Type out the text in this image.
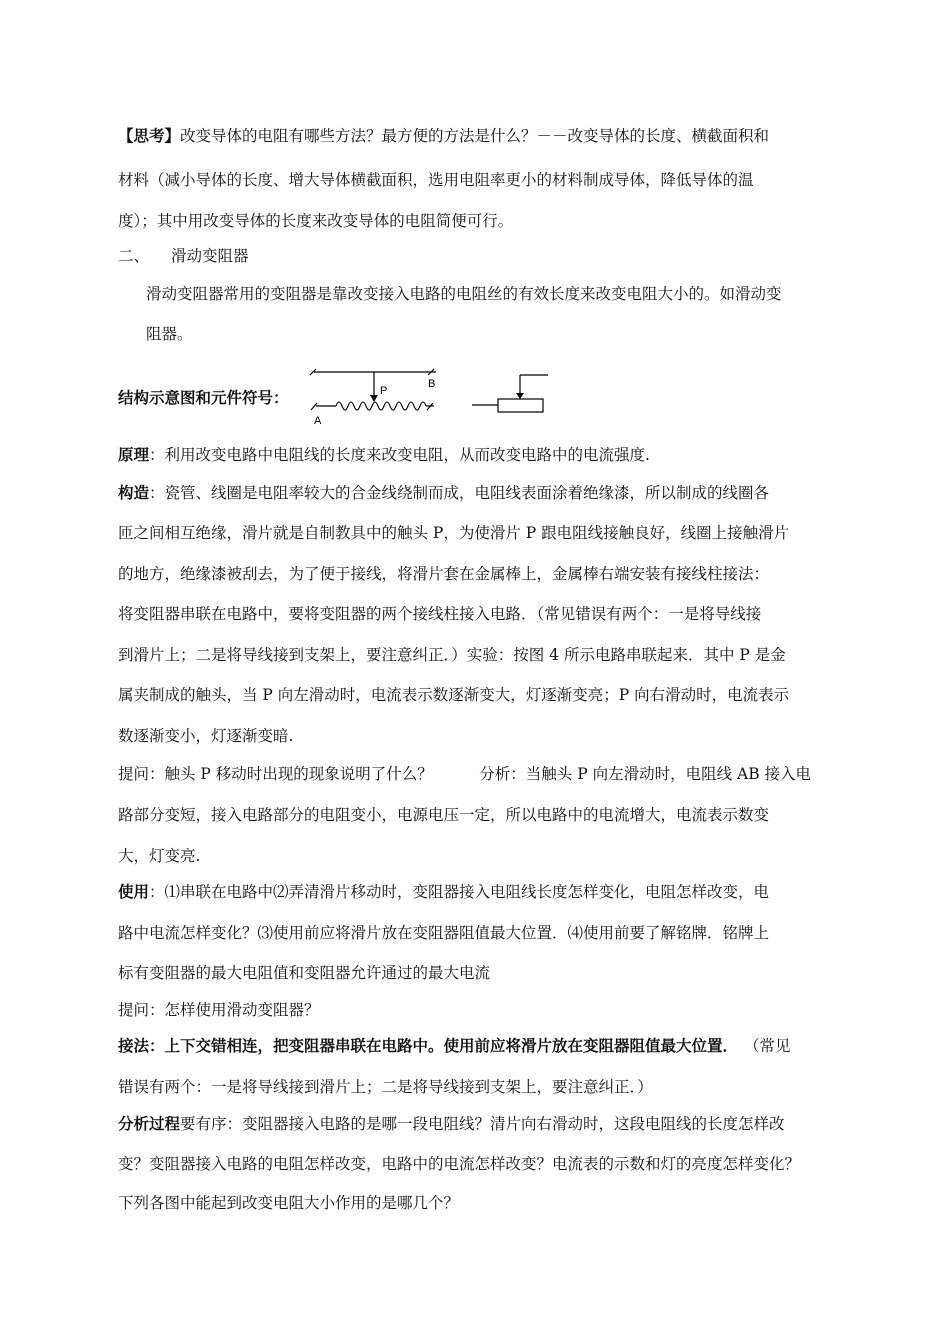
【思考】改变导体的电阻有哪些方法？最方便的方法是什么？－－改变导体的长度、横截面积和
材料（减小导体的长度、增大导体横截面积，选用电阻率更小的材料制成导体，降低导体的温
度）；其中用改变导体的长度来改变导体的电阻简便可行。
二、 滑动变阻器
滑动变阻器常用的变阻器是靠改变接入电路的电阻丝的有效长度来改变电阻大小的。如滑动变
阻器。
P
B
A
结构示意图和元件符号：
原理：利用改变电路中电阻线的长度来改变电阻，从而改变电路中的电流强度.
构造：瓷管、线圈是电阻率较大的合金线绕制而成，电阻线表面涂着绝缘漆，所以制成的线圈各
匝之间相互绝缘，滑片就是自制教具中的触头 P，为使滑片 P 跟电阻线接触良好，线圈上接触滑片
的地方，绝缘漆被刮去，为了便于接线，将滑片套在金属棒上，金属棒右端安装有接线柱接法：
将变阻器串联在电路中，要将变阻器的两个接线柱接入电路．（常见错误有两个：一是将导线接
到滑片上；二是将导线接到支架上，要注意纠正．）实验：按图 4 所示电路串联起来．其中 P 是金
属夹制成的触头，当 P 向左滑动时，电流表示数逐渐变大，灯逐渐变亮；P 向右滑动时，电流表示
数逐渐变小，灯逐渐变暗.
提问：触头 P 移动时出现的现象说明了什么？　　　分析：当触头 P 向左滑动时，电阻线 AB 接入电
路部分变短，接入电路部分的电阻变小，电源电压一定，所以电路中的电流增大，电流表示数变
大，灯变亮.
使用：⑴串联在电路中⑵弄清滑片移动时，变阻器接入电阻线长度怎样变化，电阻怎样改变，电
路中电流怎样变化？⑶使用前应将滑片放在变阻器阻值最大位置．⑷使用前要了解铭牌．铭牌上
标有变阻器的最大电阻值和变阻器允许通过的最大电流
提问：怎样使用滑动变阻器？
接法：上下交错相连，把变阻器串联在电路中。使用前应将滑片放在变阻器阻值最大位置． （常见
错误有两个：一是将导线接到滑片上；二是将导线接到支架上，要注意纠正．）
分析过程要有序：变阻器接入电路的是哪一段电阻线？清片向右滑动时，这段电阻线的长度怎样改
变？变阻器接入电路的电阻怎样改变，电路中的电流怎样改变？电流表的示数和灯的亮度怎样变化？
下列各图中能起到改变电阻大小作用的是哪几个？
